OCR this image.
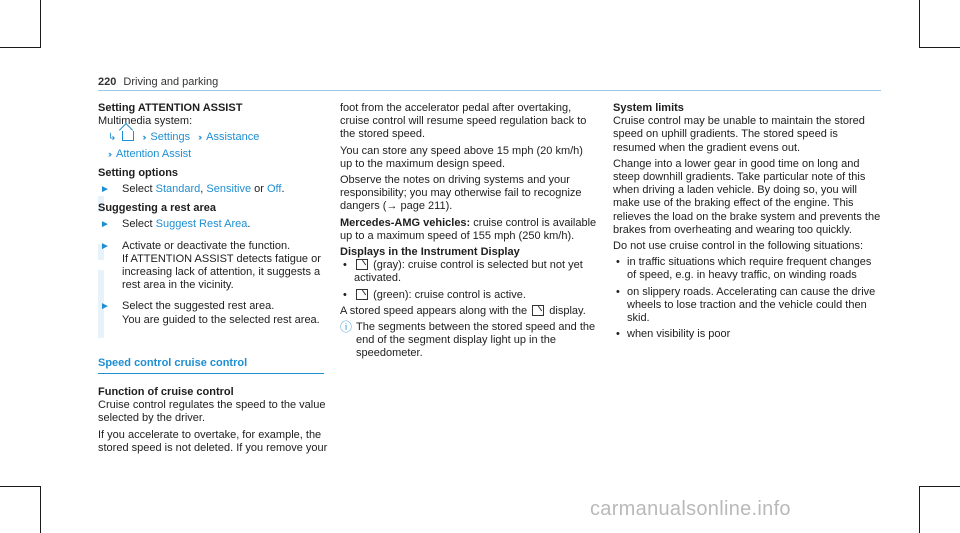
220 Driving and parking

Setting ATTENTION ASSIST

Multimedia system:

↳	›› Settings ›› Assistance

›› Attention Assist

Setting options

►	Select Standard, Sensitive or Off.

Suggesting a rest area

►	Select Suggest Rest Area.
►	Activate or deactivate the function.
If ATTENTION ASSIST detects fatigue or increasing lack of attention, it suggests a rest area in the vicinity.
►	Select the suggested rest area.
You are guided to the selected rest area.
Speed control cruise control

Function of cruise control

Cruise control regulates the speed to the value selected by the driver.

If you accelerate to overtake, for example, the stored speed is not deleted. If you remove your

foot from the accelerator pedal after overtaking, cruise control will resume speed regulation back to the stored speed.

You can store any speed above 15 mph (20 km/h) up to the maximum design speed.

Observe the notes on driving systems and your responsibility; you may otherwise fail to recognize dangers (→ page 211).

Mercedes-AMG vehicles: cruise control is available up to a maximum speed of 155 mph (250 km/h).

Displays in the Instrument Display

• (gray): cruise control is selected but not yet activated.
• (green): cruise control is active.

A stored speed appears along with the display.

ⓘ The segments between the stored speed and the end of the segment display light up in the speedometer.

System limits

Cruise control may be unable to maintain the stored speed on uphill gradients. The stored speed is resumed when the gradient evens out.

Change into a lower gear in good time on long and steep downhill gradients. Take particular note of this when driving a laden vehicle. By doing so, you will make use of the braking effect of the engine. This relieves the load on the brake system and prevents the brakes from overheating and wearing too quickly.

Do not use cruise control in the following situations:

• in traffic situations which require frequent changes of speed, e.g. in heavy traffic, on winding roads
• on slippery roads. Accelerating can cause the drive wheels to lose traction and the vehicle could then skid.
• when visibility is poor
carmanualsonline.info
